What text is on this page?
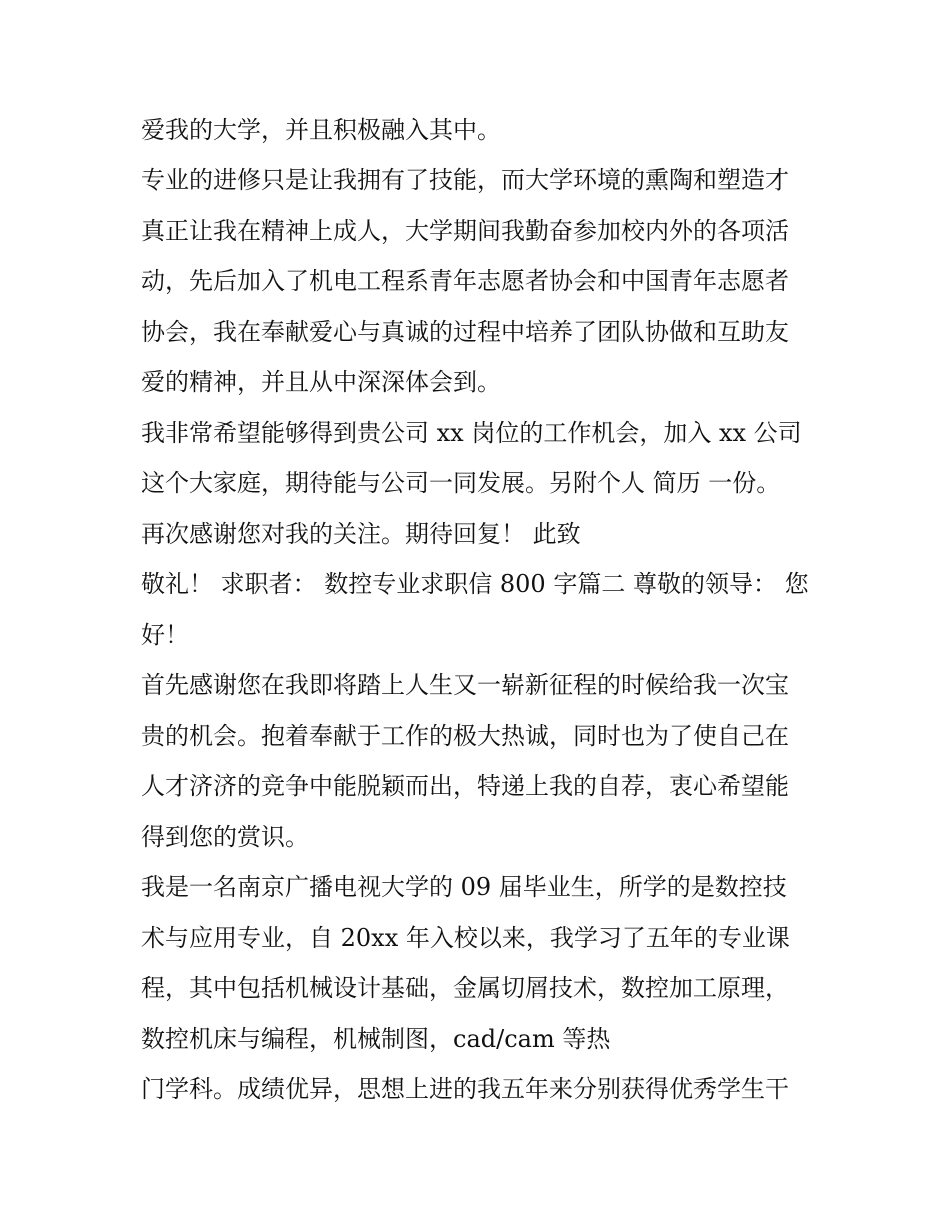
爱我的大学，并且积极融入其中。
专业的进修只是让我拥有了技能，而大学环境的熏陶和塑造才
真正让我在精神上成人，大学期间我勤奋参加校内外的各项活
动，先后加入了机电工程系青年志愿者协会和中国青年志愿者
协会，我在奉献爱心与真诚的过程中培养了团队协做和互助友
爱的精神，并且从中深深体会到。
我非常希望能够得到贵公司 xx 岗位的工作机会，加入 xx 公司
这个大家庭，期待能与公司一同发展。另附个人 简历 一份。
再次感谢您对我的关注。期待回复！ 此致
敬礼！ 求职者： 数控专业求职信 800 字篇二 尊敬的领导： 您
好！
首先感谢您在我即将踏上人生又一崭新征程的时候给我一次宝
贵的机会。抱着奉献于工作的极大热诚，同时也为了使自己在
人才济济的竞争中能脱颖而出，特递上我的自荐，衷心希望能
得到您的赏识。
我是一名南京广播电视大学的 09 届毕业生，所学的是数控技
术与应用专业，自 20xx 年入校以来，我学习了五年的专业课
程，其中包括机械设计基础，金属切屑技术，数控加工原理，
数控机床与编程，机械制图，cad/cam 等热
门学科。成绩优异，思想上进的我五年来分别获得优秀学生干
